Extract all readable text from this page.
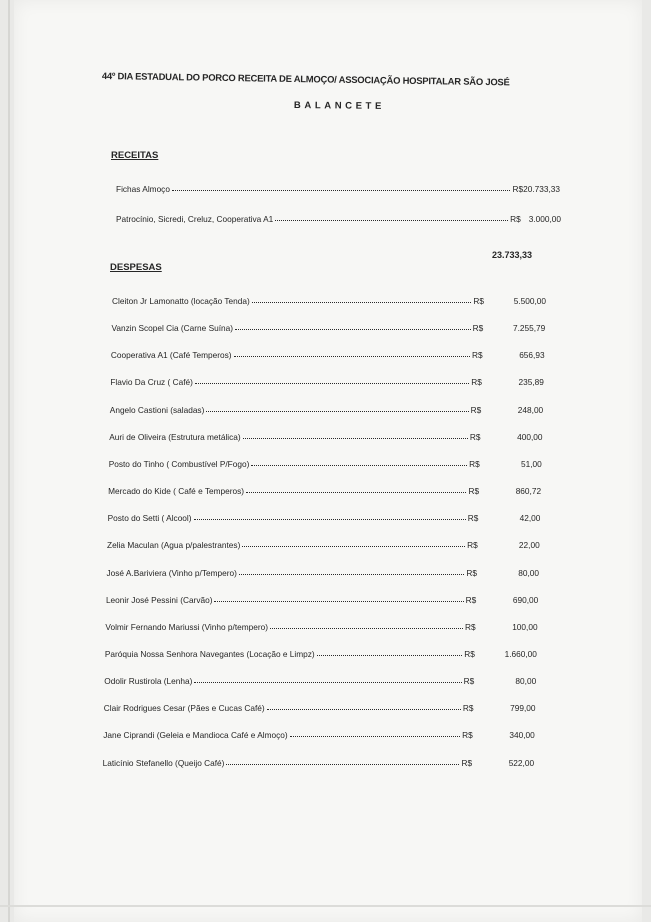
44º DIA ESTADUAL DO PORCO RECEITA DE ALMOÇO/ ASSOCIAÇÃO HOSPITALAR SÃO JOSÉ
BALANCETE
RECEITAS
Fichas Almoço	R$ 20.733,33
Patrocínio, Sicredi, Creluz, Cooperativa A1	R$ 3.000,00
23.733,33
DESPESAS
Cleiton Jr Lamonatto (locação Tenda)	R$	5.500,00
Vanzin Scopel Cia (Carne Suína)	R$	7.255,79
Cooperativa A1 (Café Temperos)	R$	656,93
Flavio Da Cruz ( Café)	R$	235,89
Angelo Castioni (saladas)	R$	248,00
Auri de Oliveira (Estrutura metálica)	R$	400,00
Posto do Tinho ( Combustível P/Fogo)	R$	51,00
Mercado do Kide ( Café e Temperos)	R$	860,72
Posto do Setti ( Alcool)	R$	42,00
Zelia Maculan (Agua p/palestrantes)	R$	22,00
José A.Bariviera (Vinho p/Tempero)	R$	80,00
Leonir José Pessini (Carvão)	R$	690,00
Volmir Fernando Mariussi (Vinho p/tempero)	R$	100,00
Paróquia Nossa Senhora Navegantes (Locação e Limpz)	R$	1.660,00
Odolir Rustirola (Lenha)	R$	80,00
Clair Rodrigues Cesar (Pães e Cucas Café)	R$	799,00
Jane Ciprandi (Geleia e Mandioca Café e Almoço)	R$	340,00
Laticínio Stefanello (Queijo Café)	R$	522,00
